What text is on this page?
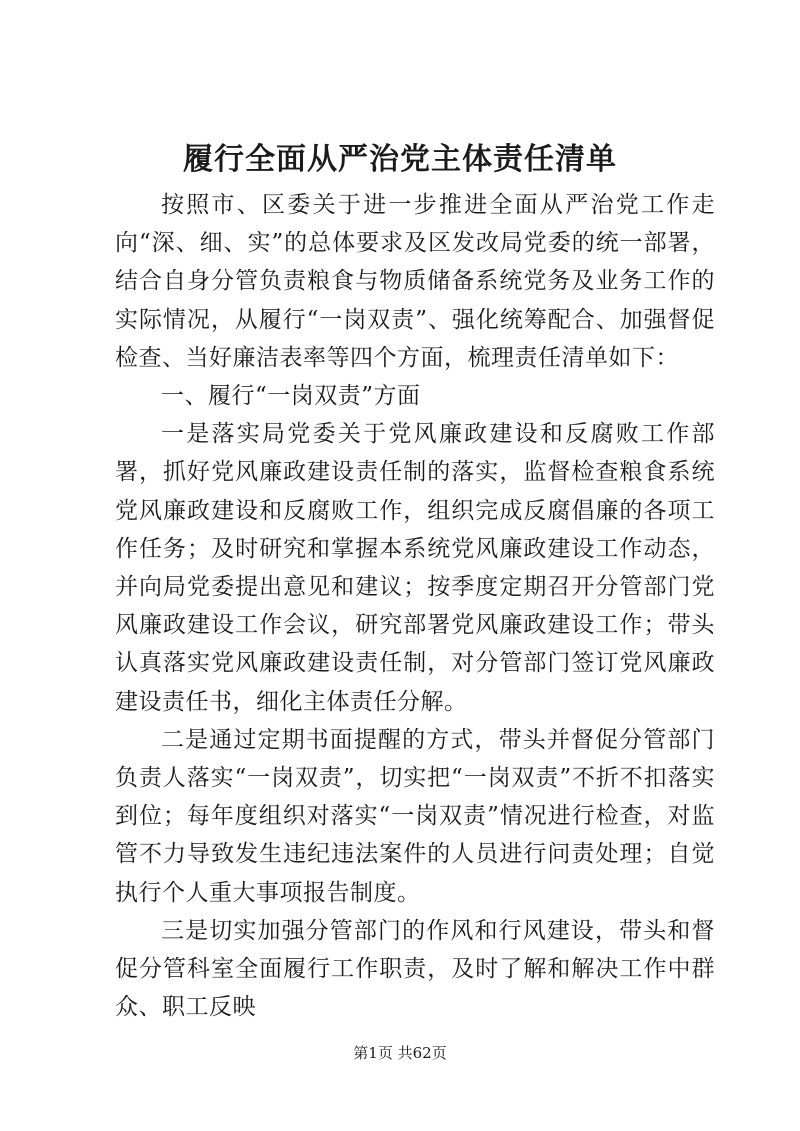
履行全面从严治党主体责任清单

按照市、区委关于进一步推进全面从严治党工作走向“深、细、实”的总体要求及区发改局党委的统一部署，结合自身分管负责粮食与物质储备系统党务及业务工作的实际情况，从履行“一岗双责”、强化统筹配合、加强督促检查、当好廉洁表率等四个方面，梳理责任清单如下：

一、履行“一岗双责”方面

一是落实局党委关于党风廉政建设和反腐败工作部署，抓好党风廉政建设责任制的落实，监督检查粮食系统党风廉政建设和反腐败工作，组织完成反腐倡廉的各项工作任务；及时研究和掌握本系统党风廉政建设工作动态，并向局党委提出意见和建议；按季度定期召开分管部门党风廉政建设工作会议，研究部署党风廉政建设工作；带头认真落实党风廉政建设责任制，对分管部门签订党风廉政建设责任书，细化主体责任分解。

二是通过定期书面提醒的方式，带头并督促分管部门负责人落实“一岗双责”，切实把“一岗双责”不折不扣落实到位；每年度组织对落实“一岗双责”情况进行检查，对监管不力导致发生违纪违法案件的人员进行问责处理；自觉执行个人重大事项报告制度。

三是切实加强分管部门的作风和行风建设，带头和督促分管科室全面履行工作职责，及时了解和解决工作中群众、职工反映

第1页 共62页
